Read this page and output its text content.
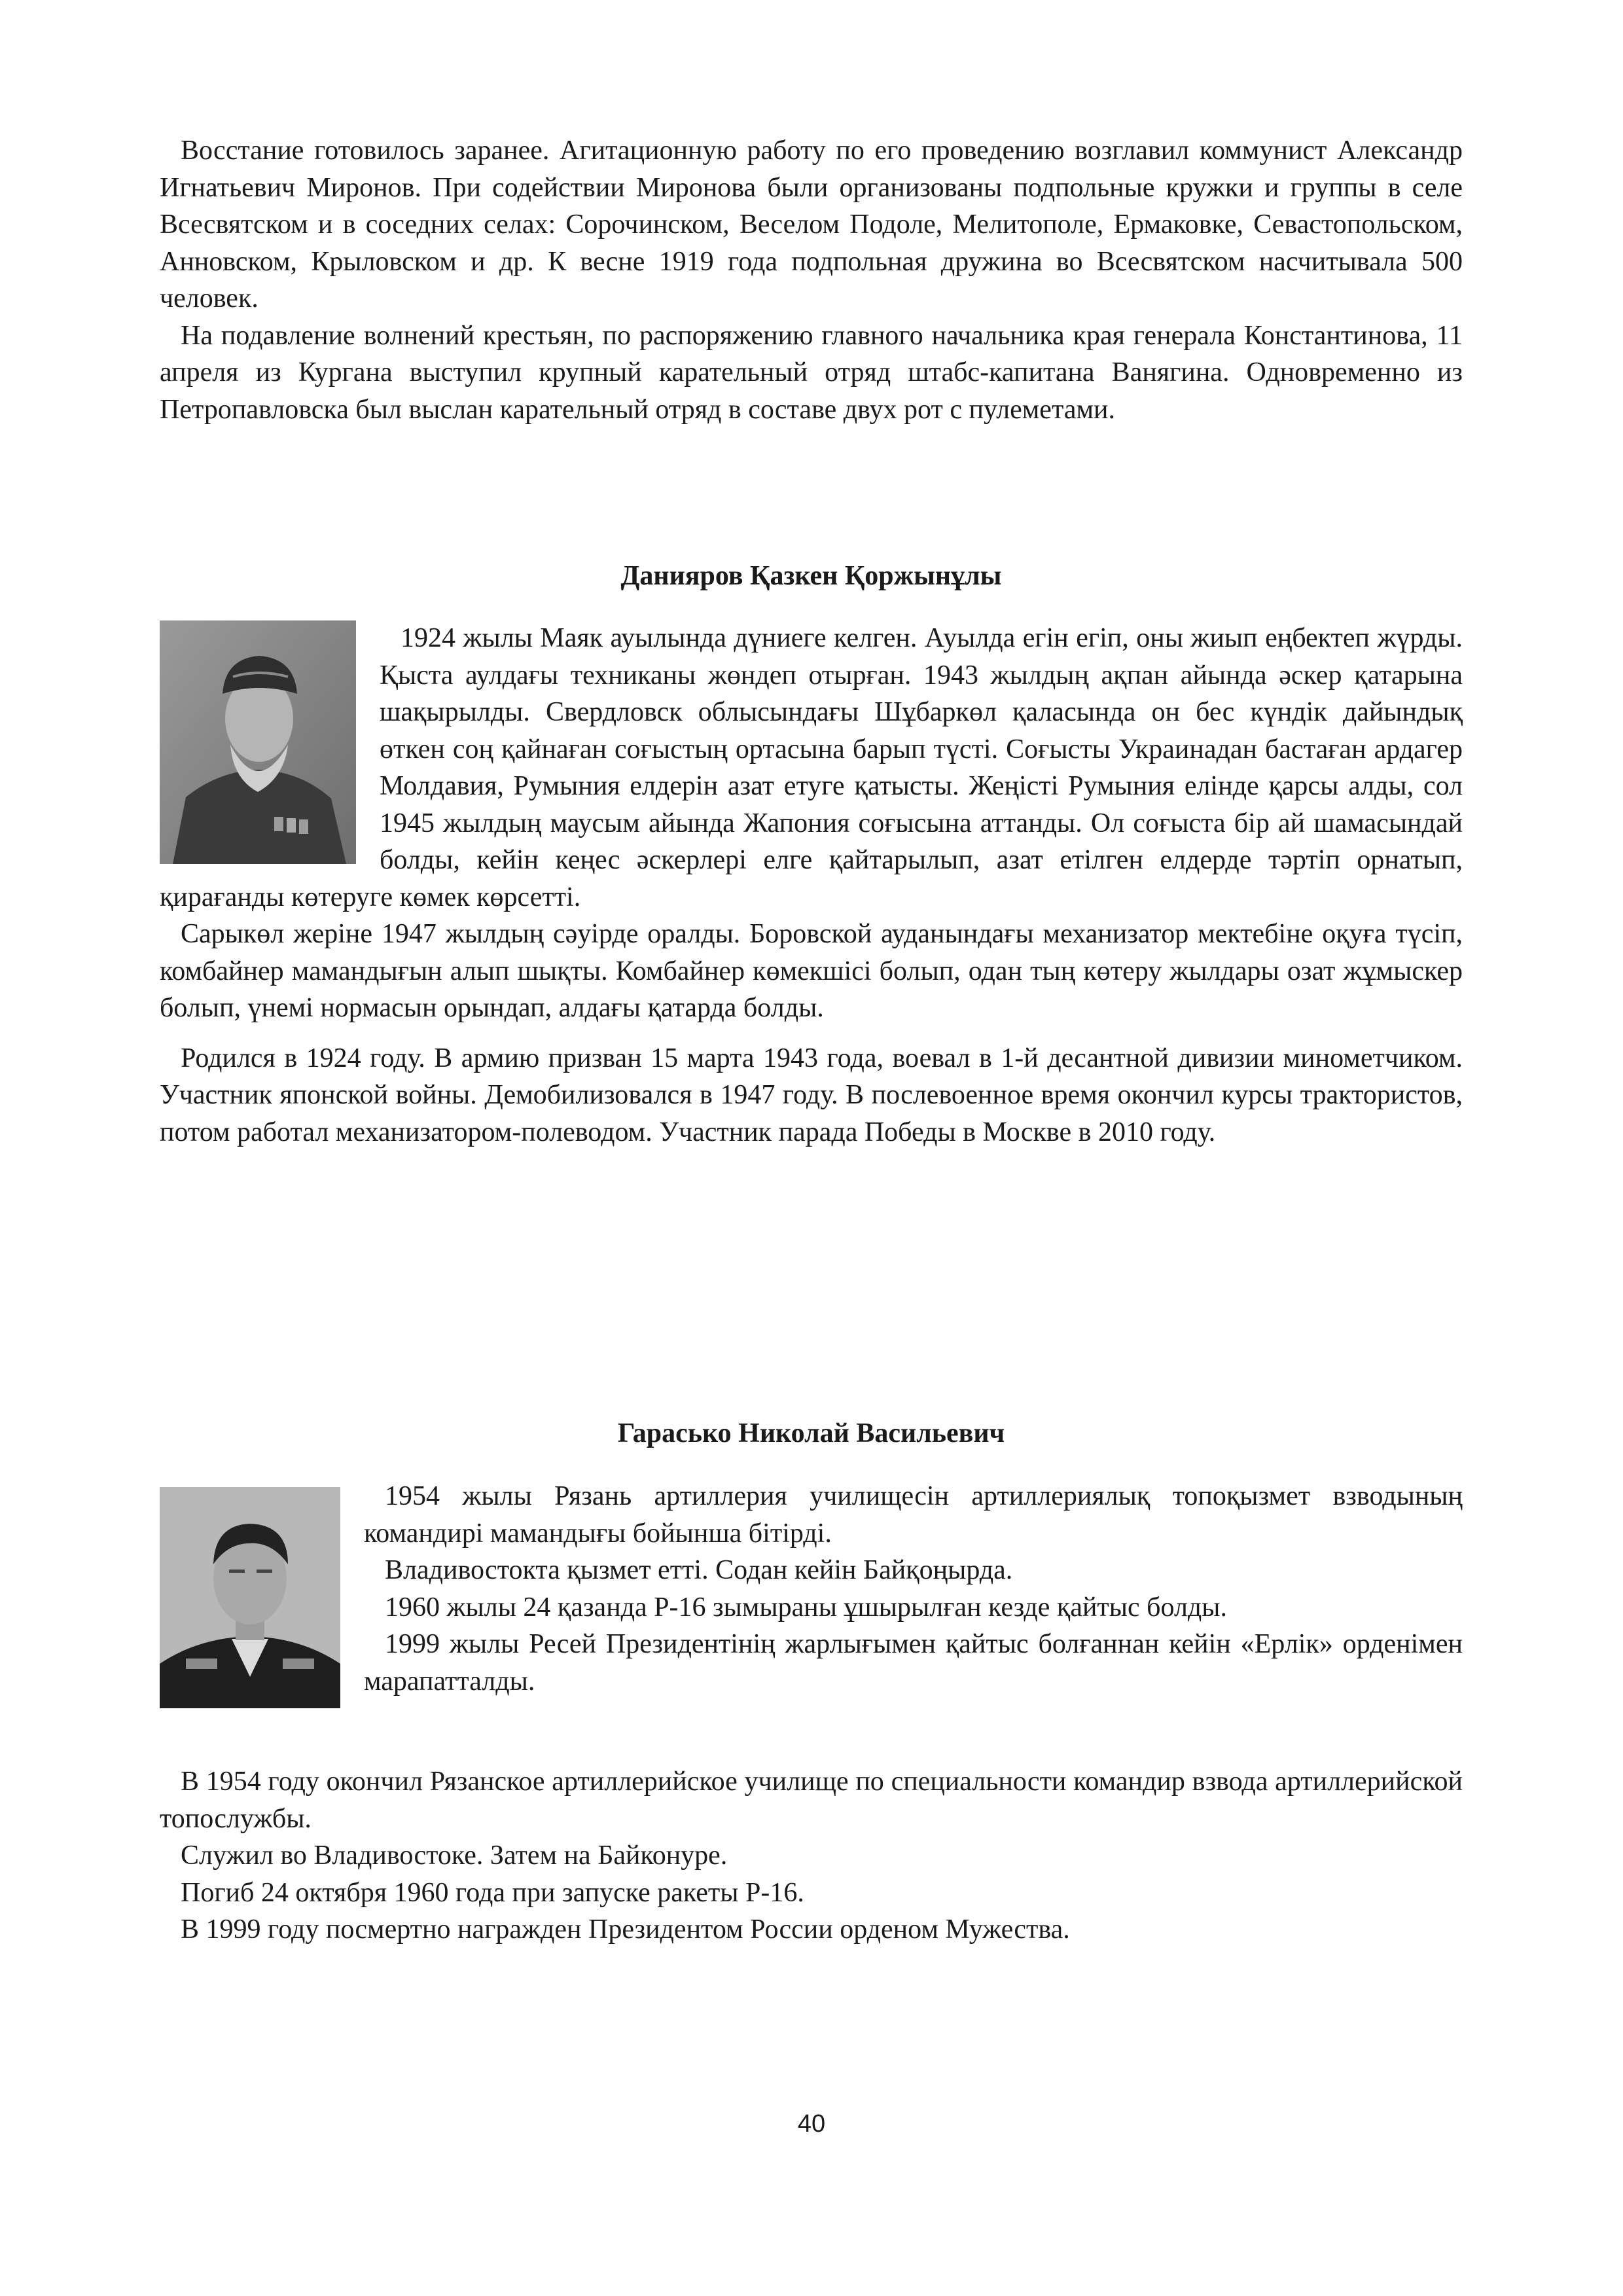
Восстание готовилось заранее. Агитационную работу по его проведению возглавил коммунист Александр Игнатьевич Миронов. При содействии Миронова были организованы подпольные кружки и группы в селе Всесвятском и в соседних селах: Сорочинском, Веселом Подоле, Мелитополе, Ермаковке, Севастопольском, Анновском, Крыловском и др. К весне 1919 года подпольная дружина во Всесвятском насчитывала 500 человек.

На подавление волнений крестьян, по распоряжению главного начальника края генерала Константинова, 11 апреля из Кургана выступил крупный карательный отряд штабс-капитана Ванягина. Одновременно из Петропавловска был выслан карательный отряд в составе двух рот с пулеметами.

Данияров Қазкен Қоржынұлы

1924 жылы Маяк ауылында дүниеге келген. Ауылда егін егіп, оны жиып еңбектеп жүрды. Қыста аулдағы техниканы жөндеп отырған. 1943 жылдың ақпан айында әскер қатарына шақырылды. Свердловск облысындағы Шұбаркөл қаласында он бес күндік дайындық өткен соң қайнаған соғыстың ортасына барып түсті. Соғысты Украинадан бастаған ардагер Молдавия, Румыния елдерін азат етуге қатысты. Жеңісті Румыния елінде қарсы алды, сол 1945 жылдың маусым айында Жапония соғысына аттанды. Ол соғыста бір ай шамасындай болды, кейін кеңес әскерлері елге қайтарылып, азат етілген елдерде тәртіп орнатып, қирағанды көтеруге көмек көрсетті.

Сарыкөл жеріне 1947 жылдың сәуірде оралды. Боровской ауданындағы механизатор мектебіне оқуға түсіп, комбайнер мамандығын алып шықты. Комбайнер көмекшісі болып, одан тың көтеру жылдары озат жұмыскер болып, үнемі нормасын орындап, алдағы қатарда болды.

Родился в 1924 году. В армию призван 15 марта 1943 года, воевал в 1-й десантной дивизии минометчиком. Участник японской войны. Демобилизовался в 1947 году. В послевоенное время окончил курсы трактористов, потом работал механизатором-полеводом. Участник парада Победы в Москве в 2010 году.

Гарасько Николай Васильевич

1954 жылы Рязань артиллерия училищесін артиллериялық топоқызмет взводының командирі мамандығы бойынша бітірді.

Владивостокта қызмет етті. Содан кейін Байқоңырда.

1960 жылы 24 қазанда Р-16 зымыраны ұшырылған кезде қайтыс болды.

1999 жылы Ресей Президентінің жарлығымен қайтыс болғаннан кейін «Ерлік» орденімен марапатталды.

В 1954 году окончил Рязанское артиллерийское училище по специальности командир взвода артиллерийской топослужбы.

Служил во Владивостоке. Затем на Байконуре.

Погиб 24 октября 1960 года при запуске ракеты Р-16.

В 1999 году посмертно награжден Президентом России орденом Мужества.

40
